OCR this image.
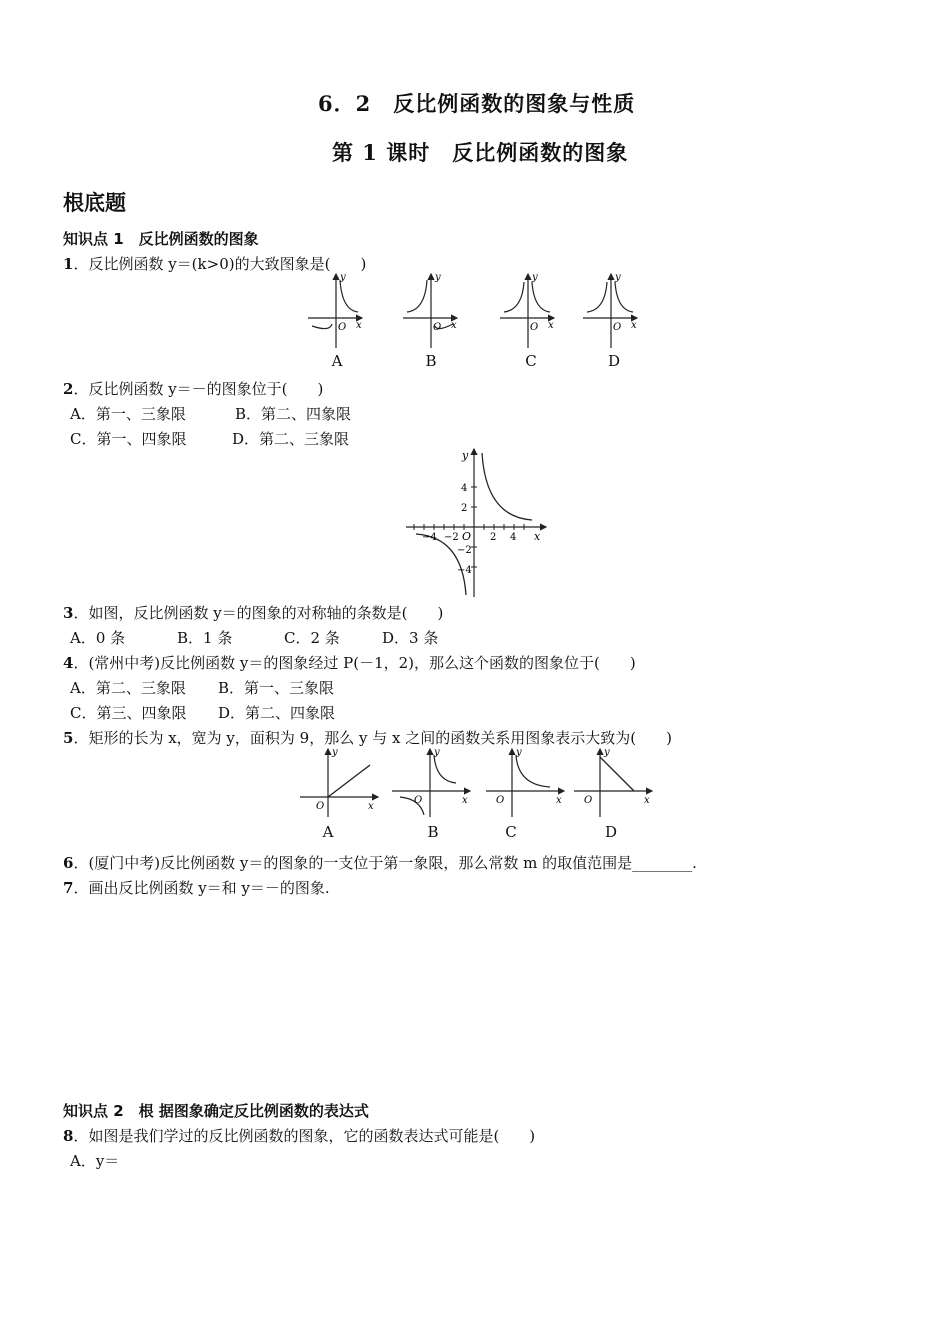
6．2　反比例函数的图象与性质
第 1 课时　反比例函数的图象
根底题
知识点 1　反比例函数的图象
1．反比例函数 y＝(k>0)的大致图象是(　　)
y
O x
y
O x
y
O x
y
O x
A	B	C	D
2．反比例函数 y＝－的图象位于(　　)
A．第一、三象限	B．第二、四象限
C．第一、四象限	D．第二、三象限
y
4
2
−4 −2 O 2 4 x
−2
−4
3．如图，反比例函数 y＝的图象的对称轴的条数是(　　)
A．0 条	B．1 条	C．2 条	D．3 条
4．(常州中考)反比例函数 y＝的图象经过 P(－1，2)，那么这个函数的图象位于(　　)
A．第二、三象限 B．第一、三象限
C．第三、四象限 D．第二、四象限
5．矩形的长为 x，宽为 y，面积为 9，那么 y 与 x 之间的函数关系用图象表示大致为(　　)
y
O	x
y
O	x
y
O	x
y
O	x
A	B	C	D
6．(厦门中考)反比例函数 y＝的图象的一支位于第一象限，那么常数 m 的取值范围是________.
7．画出反比例函数 y＝和 y＝－的图象.
知识点 2　根 据图象确定反比例函数的表达式
8．如图是我们学过的反比例函数的图象，它的函数表达式可能是(　　)
A．y＝
